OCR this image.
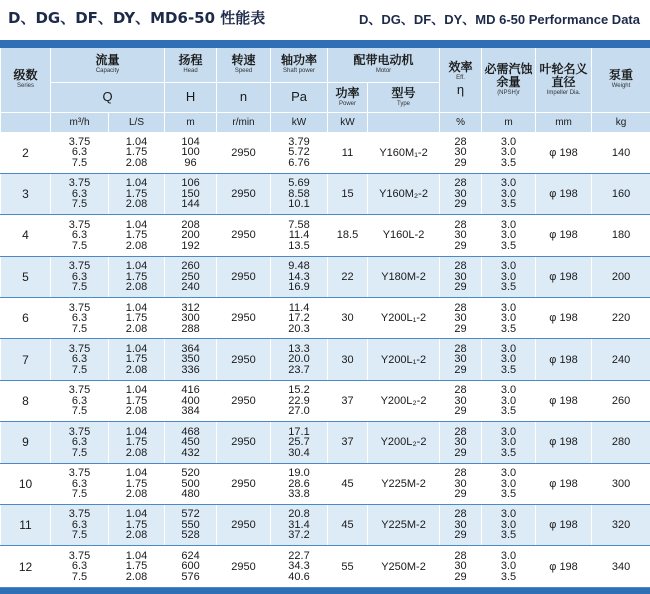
D、DG、DF、DY、MD6-50 性能表	D、DG、DF、DY、MD 6-50 Performance Data
级数
Series	流量
Capacity		扬程
Head	转速
Speed	轴功率
Shaft power	配带电动机
Motor		效率
Eff.
η	必需汽蚀余量
(NPSH)r	叶轮名义直径
Impeller Dia.	泵重
Weight

	Q		H	n	Pa	功率
Power	型号
Type				

	m³/h	L/S	m	r/min	kW	kW		%	m	mm	kg
2	3.75
6.3
7.5	1.04
1.75
2.08	104
100
96	2950	3.79
5.72
6.76	11	Y160M₁-2	28
30
29	3.0
3.0
3.5	φ 198	140
3	3.75
6.3
7.5	1.04
1.75
2.08	106
150
144	2950	5.69
8.58
10.1	15	Y160M₂-2	28
30
29	3.0
3.0
3.5	φ 198	160
4	3.75
6.3
7.5	1.04
1.75
2.08	208
200
192	2950	7.58
11.4
13.5	18.5	Y160L-2	28
30
29	3.0
3.0
3.5	φ 198	180
5	3.75
6.3
7.5	1.04
1.75
2.08	260
250
240	2950	9.48
14.3
16.9	22	Y180M-2	28
30
29	3.0
3.0
3.5	φ 198	200
6	3.75
6.3
7.5	1.04
1.75
2.08	312
300
288	2950	11.4
17.2
20.3	30	Y200L₁-2	28
30
29	3.0
3.0
3.5	φ 198	220
7	3.75
6.3
7.5	1.04
1.75
2.08	364
350
336	2950	13.3
20.0
23.7	30	Y200L₁-2	28
30
29	3.0
3.0
3.5	φ 198	240
8	3.75
6.3
7.5	1.04
1.75
2.08	416
400
384	2950	15.2
22.9
27.0	37	Y200L₂-2	28
30
29	3.0
3.0
3.5	φ 198	260
9	3.75
6.3
7.5	1.04
1.75
2.08	468
450
432	2950	17.1
25.7
30.4	37	Y200L₂-2	28
30
29	3.0
3.0
3.5	φ 198	280
10	3.75
6.3
7.5	1.04
1.75
2.08	520
500
480	2950	19.0
28.6
33.8	45	Y225M-2	28
30
29	3.0
3.0
3.5	φ 198	300
11	3.75
6.3
7.5	1.04
1.75
2.08	572
550
528	2950	20.8
31.4
37.2	45	Y225M-2	28
30
29	3.0
3.0
3.5	φ 198	320
12	3.75
6.3
7.5	1.04
1.75
2.08	624
600
576	2950	22.7
34.3
40.6	55	Y250M-2	28
30
29	3.0
3.0
3.5	φ 198	340
